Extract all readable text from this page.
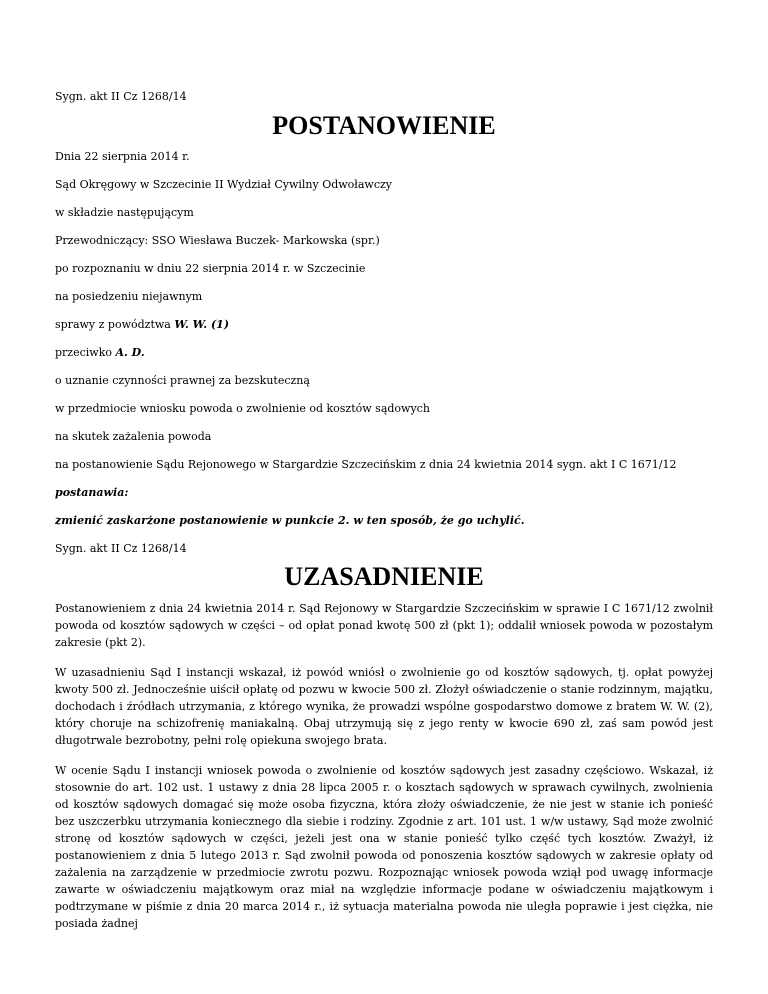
Sygn. akt II Cz 1268/14

POSTANOWIENIE

Dnia 22 sierpnia 2014 r.

Sąd Okręgowy w Szczecinie II Wydział Cywilny Odwoławczy

w składzie następującym

Przewodniczący: SSO Wiesława Buczek- Markowska (spr.)

po rozpoznaniu w dniu 22 sierpnia 2014 r. w Szczecinie

na posiedzeniu niejawnym

sprawy z powództwa W. W. (1)

przeciwko A. D.

o uznanie czynności prawnej za bezskuteczną

w przedmiocie wniosku powoda o zwolnienie od kosztów sądowych

na skutek zażalenia powoda

na postanowienie Sądu Rejonowego w Stargardzie Szczecińskim z dnia 24 kwietnia 2014 sygn. akt I C 1671/12

postanawia:

zmienić zaskarżone postanowienie w punkcie 2. w ten sposób, że go uchylić.

Sygn. akt II Cz 1268/14

UZASADNIENIE

Postanowieniem z dnia 24 kwietnia 2014 r. Sąd Rejonowy w Stargardzie Szczecińskim w sprawie I C 1671/12 zwolnił powoda od kosztów sądowych w części – od opłat ponad kwotę 500 zł (pkt 1); oddalił wniosek powoda w pozostałym zakresie (pkt 2).

W uzasadnieniu Sąd I instancji wskazał, iż powód wniósł o zwolnienie go od kosztów sądowych, tj. opłat powyżej kwoty 500 zł. Jednocześnie uiścił opłatę od pozwu w kwocie 500 zł. Złożył oświadczenie o stanie rodzinnym, majątku, dochodach i źródłach utrzymania, z którego wynika, że prowadzi wspólne gospodarstwo domowe z bratem W. W. (2), który choruje na schizofrenię maniakalną. Obaj utrzymują się z jego renty w kwocie 690 zł, zaś sam powód jest długotrwale bezrobotny, pełni rolę opiekuna swojego brata.

W ocenie Sądu I instancji wniosek powoda o zwolnienie od kosztów sądowych jest zasadny częściowo. Wskazał, iż stosownie do art. 102 ust. 1 ustawy z dnia 28 lipca 2005 r. o kosztach sądowych w sprawach cywilnych, zwolnienia od kosztów sądowych domagać się może osoba fizyczna, która złoży oświadczenie, że nie jest w stanie ich ponieść bez uszczerbku utrzymania koniecznego dla siebie i rodziny. Zgodnie z art. 101 ust. 1 w/w ustawy, Sąd może zwolnić stronę od kosztów sądowych w części, jeżeli jest ona w stanie ponieść tylko część tych kosztów. Zważył, iż postanowieniem z dnia 5 lutego 2013 r. Sąd zwolnił powoda od ponoszenia kosztów sądowych w zakresie opłaty od zażalenia na zarządzenie w przedmiocie zwrotu pozwu. Rozpoznając wniosek powoda wziął pod uwagę informacje zawarte w oświadczeniu majątkowym oraz miał na względzie informacje podane w oświadczeniu majątkowym i podtrzymane w piśmie z dnia 20 marca 2014 r., iż sytuacja materialna powoda nie uległa poprawie i jest ciężka, nie posiada żadnej
